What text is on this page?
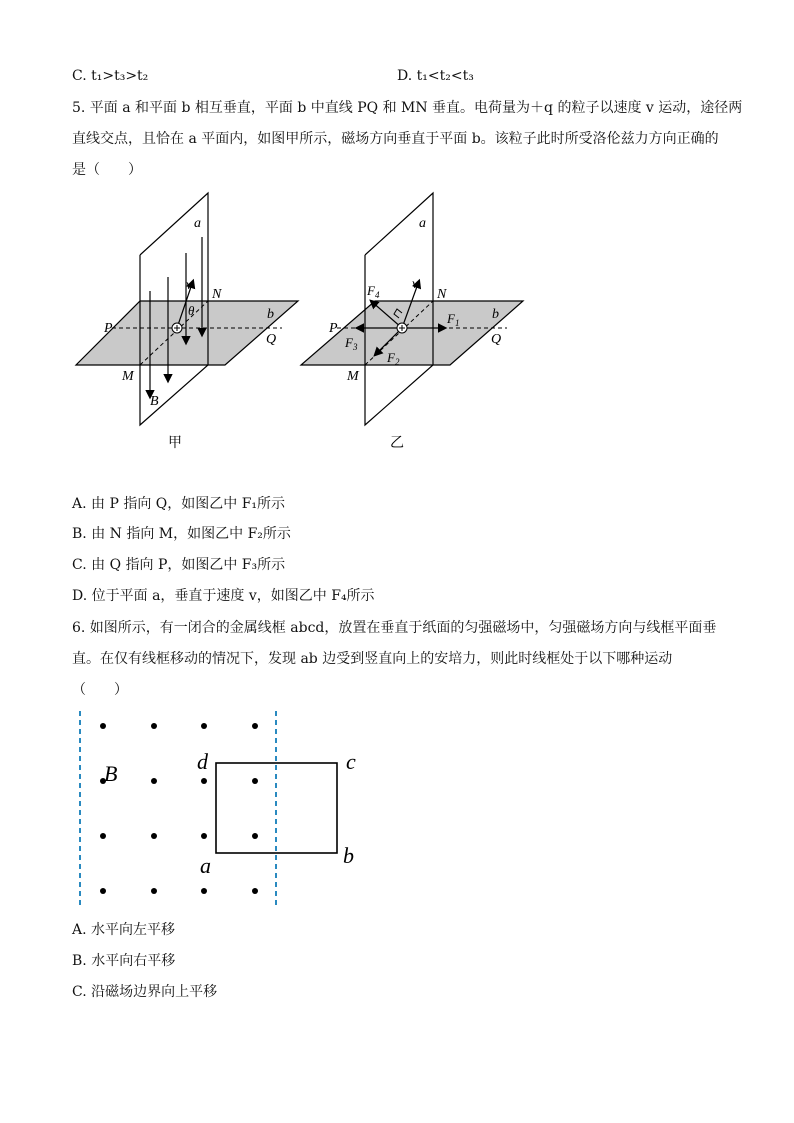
C. t₁>t₃>t₂	D. t₁<t₂<t₃
5. 平面 a 和平面 b 相互垂直，平面 b 中直线 PQ 和 MN 垂直。电荷量为＋q 的粒子以速度 v 运动，途径两
直线交点，且恰在 a 平面内，如图甲所示，磁场方向垂直于平面 b。该粒子此时所受洛伦兹力方向正确的
是（　　）
a
b
N
P
Q
M
B
v
θ
甲
a
b
N
P
Q
M
v
$F_4$
$F_1$
$F_3$
$F_2$
乙
A. 由 P 指向 Q，如图乙中 F₁所示
B. 由 N 指向 M，如图乙中 F₂所示
C. 由 Q 指向 P，如图乙中 F₃所示
D. 位于平面 a，垂直于速度 v，如图乙中 F₄所示
6. 如图所示，有一闭合的金属线框 abcd，放置在垂直于纸面的匀强磁场中，匀强磁场方向与线框平面垂
直。在仅有线框移动的情况下，发现 ab 边受到竖直向上的安培力，则此时线框处于以下哪种运动
（　　）
B	d	c
a	b
A. 水平向左平移
B. 水平向右平移
C. 沿磁场边界向上平移
